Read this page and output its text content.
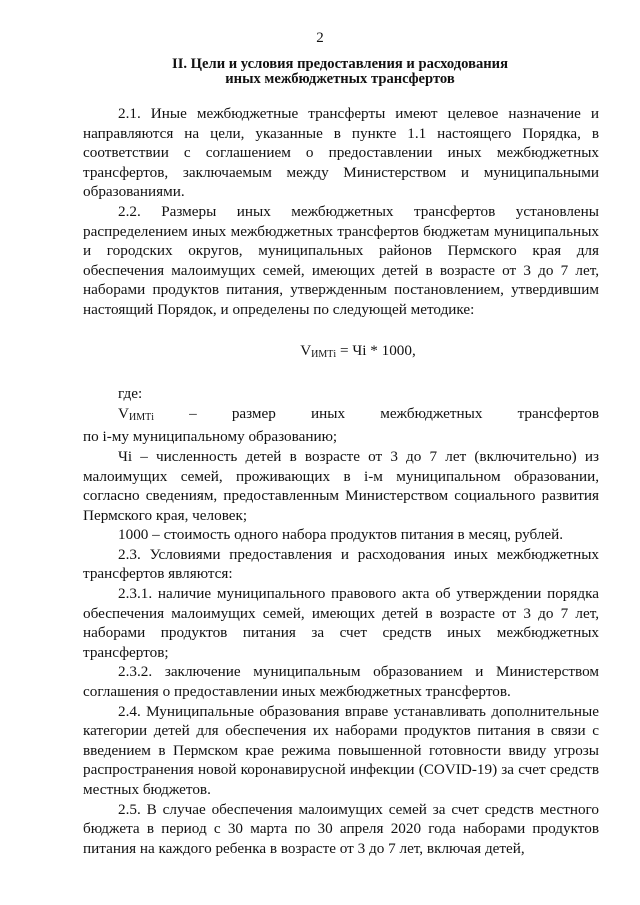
2
II. Цели и условия предоставления и расходования
иных межбюджетных трансфертов

2.1. Иные межбюджетные трансферты имеют целевое назначение и направляются на цели, указанные в пункте 1.1 настоящего Порядка, в соответствии с соглашением о предоставлении иных межбюджетных трансфертов, заключаемым между Министерством и муниципальными образованиями.

2.2. Размеры иных межбюджетных трансфертов установлены распределением иных межбюджетных трансфертов бюджетам муниципальных и городских округов, муниципальных районов Пермского края для обеспечения малоимущих семей, имеющих детей в возрасте от 3 до 7 лет, наборами продуктов питания, утвержденным постановлением, утвердившим настоящий Порядок, и определены по следующей методике:

$V_{ИМТi}$ = Чi * 1000,

где:

$V_{ИМТi}$ – размер иных межбюджетных трансфертов

по i-му муниципальному образованию;

Чi – численность детей в возрасте от 3 до 7 лет (включительно) из малоимущих семей, проживающих в i-м муниципальном образовании, согласно сведениям, предоставленным Министерством социального развития Пермского края, человек;

1000 – стоимость одного набора продуктов питания в месяц, рублей.

2.3. Условиями предоставления и расходования иных межбюджетных трансфертов являются:

2.3.1. наличие муниципального правового акта об утверждении порядка обеспечения малоимущих семей, имеющих детей в возрасте от 3 до 7 лет, наборами продуктов питания за счет средств иных межбюджетных трансфертов;

2.3.2. заключение муниципальным образованием и Министерством соглашения о предоставлении иных межбюджетных трансфертов.

2.4. Муниципальные образования вправе устанавливать дополнительные категории детей для обеспечения их наборами продуктов питания в связи с введением в Пермском крае режима повышенной готовности ввиду угрозы распространения новой коронавирусной инфекции (COVID-19) за счет средств местных бюджетов.

2.5. В случае обеспечения малоимущих семей за счет средств местного бюджета в период с 30 марта по 30 апреля 2020 года наборами продуктов питания на каждого ребенка в возрасте от 3 до 7 лет, включая детей,
